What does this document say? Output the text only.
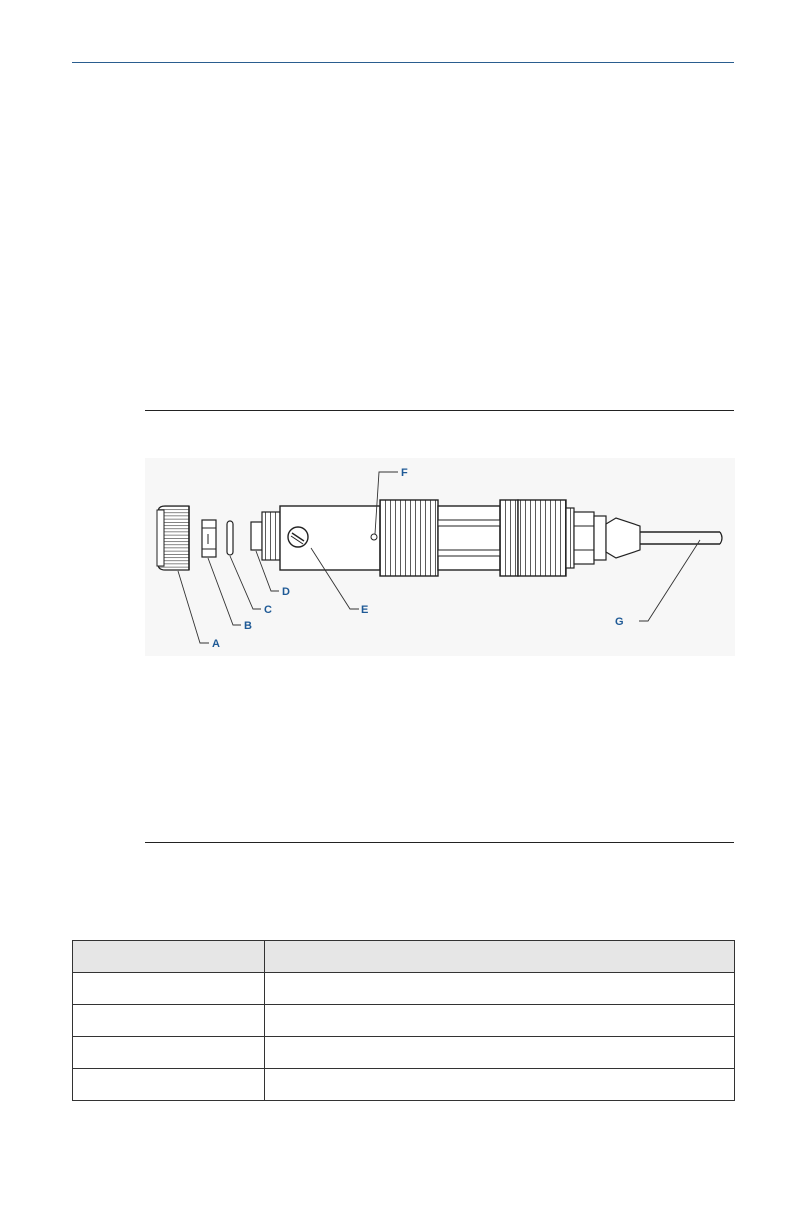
A
B
C
D
E
F
G
